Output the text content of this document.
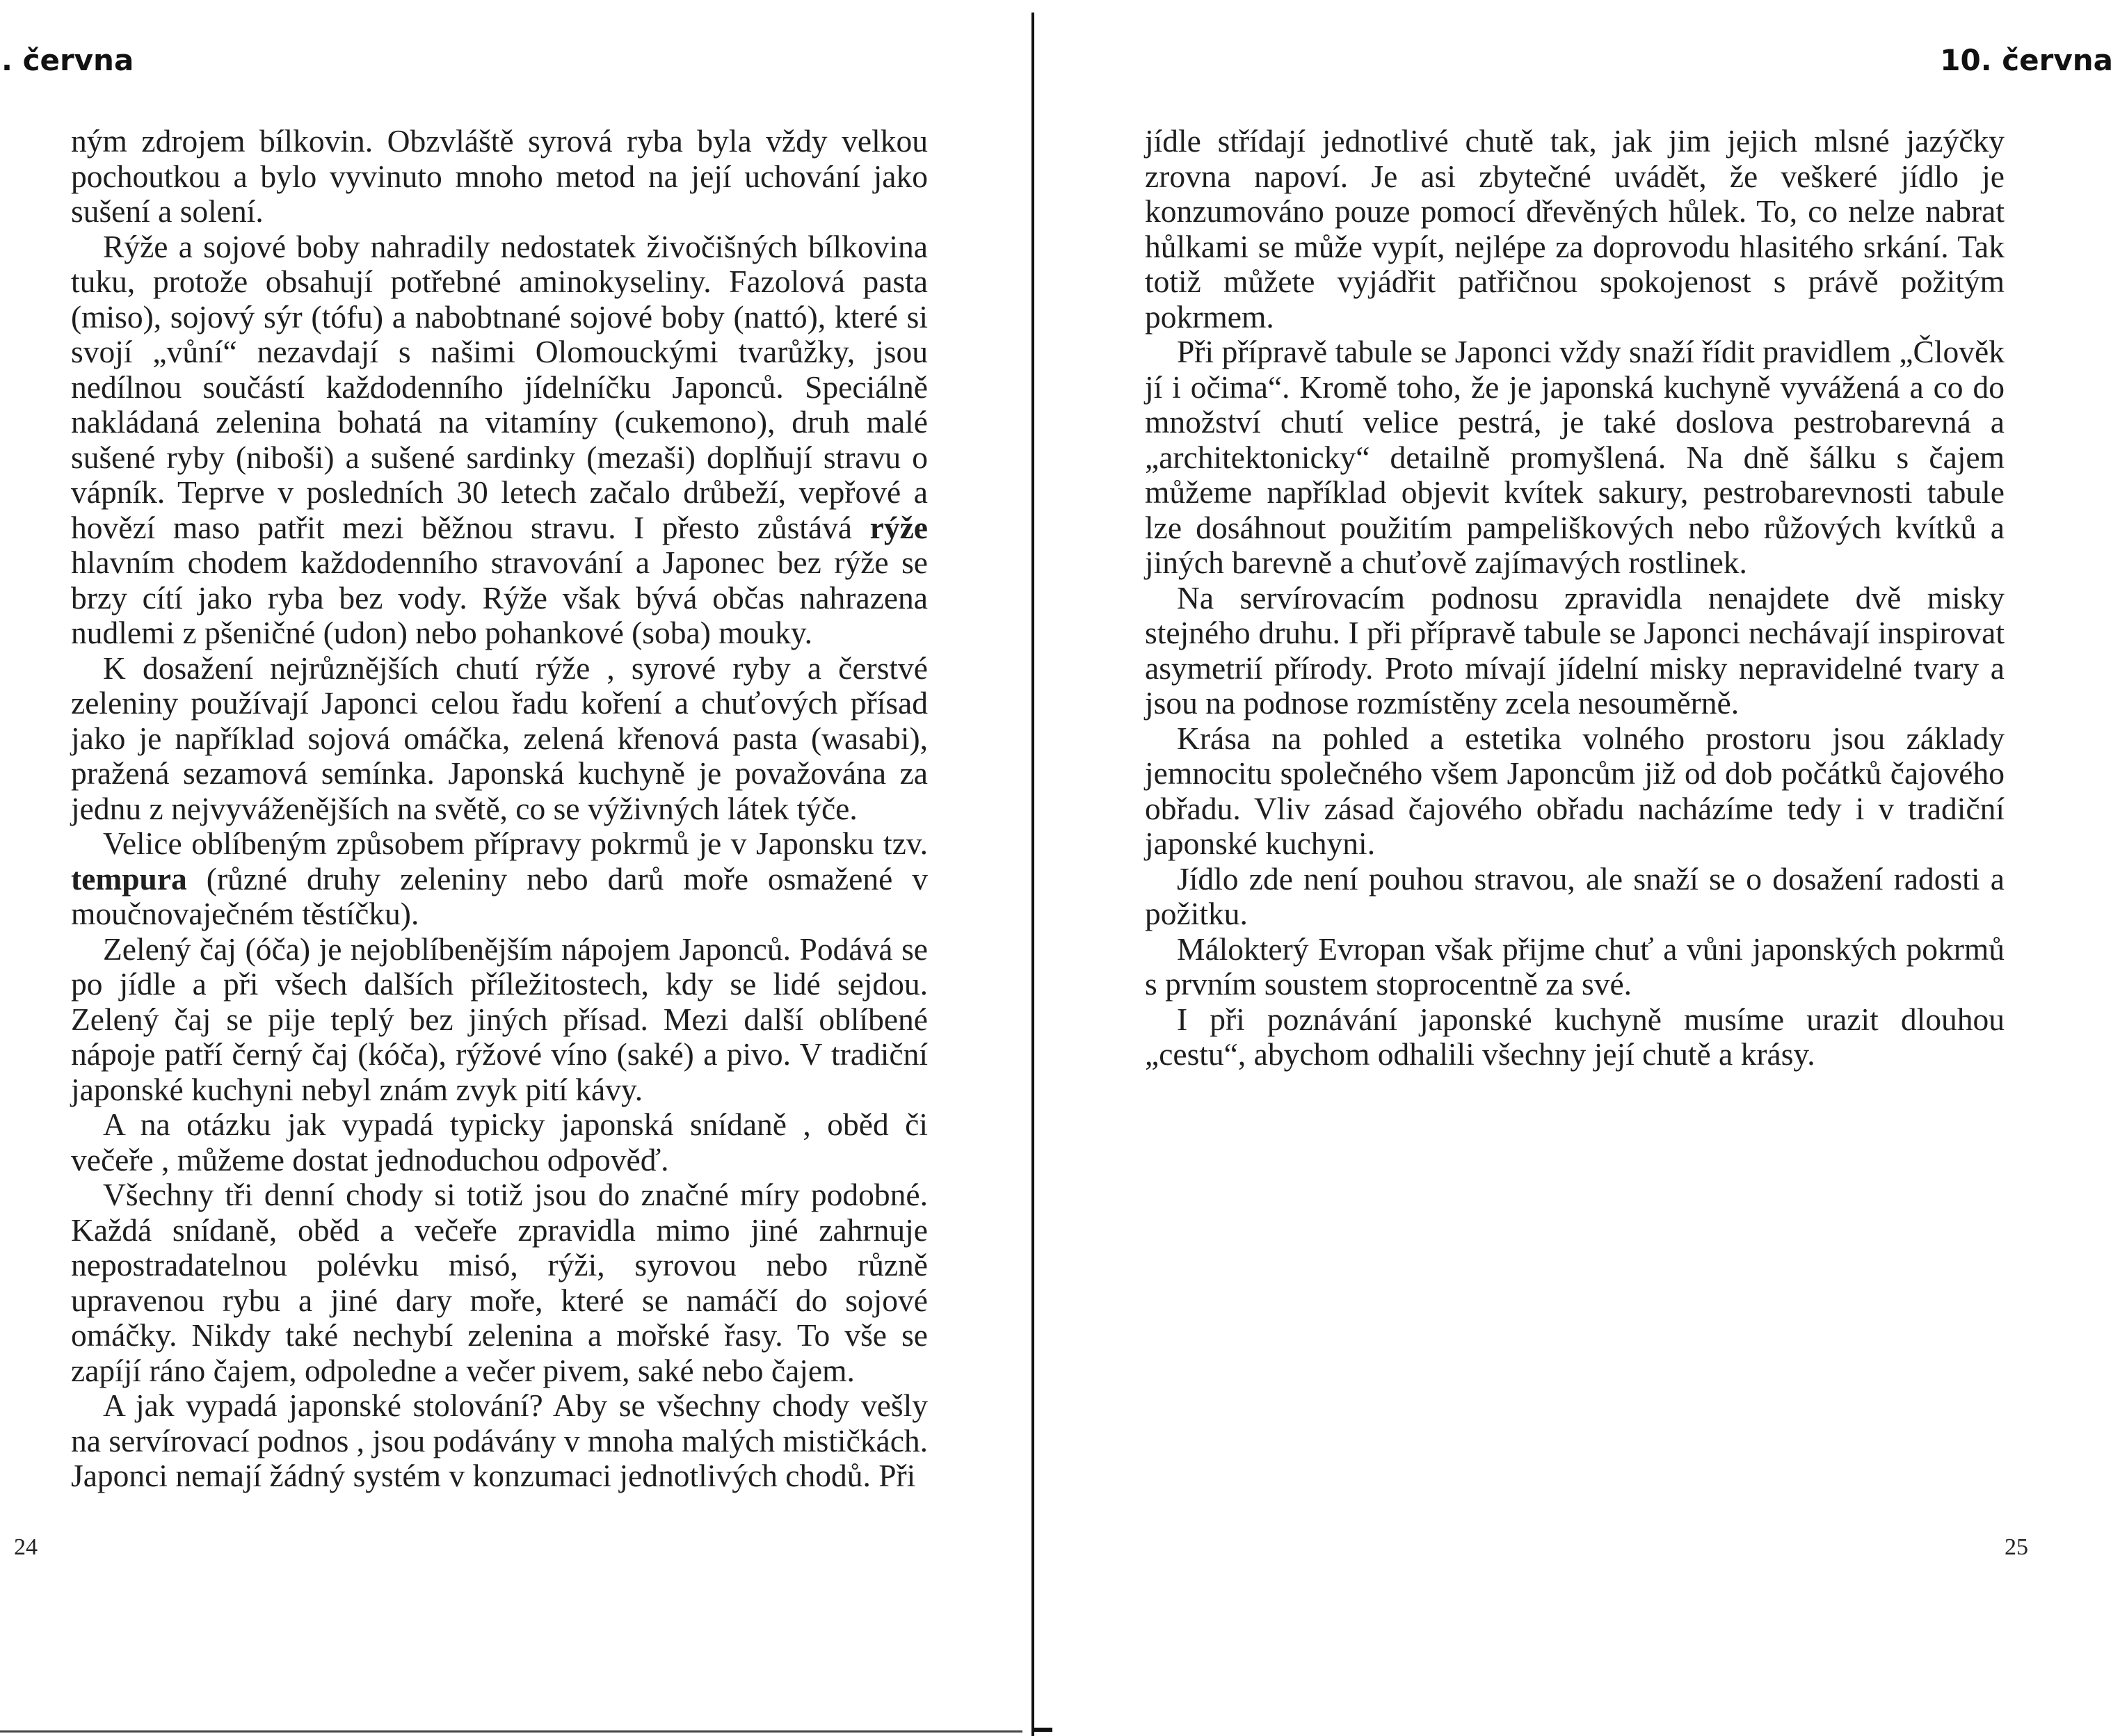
. června

ným zdrojem bílkovin. Obzvláště syrová ryba byla vždy velkou pochoutkou a bylo vyvinuto mnoho metod na její uchování jako sušení a solení.

Rýže a sojové boby nahradily nedostatek živočišných bílkovina tuku, protože obsahují potřebné aminokyseliny. Fazolová pasta (miso), sojový sýr (tófu) a nabobtnané sojové boby (nattó), které si svojí „vůní“ nezavdají s našimi Olomouckými tvarůžky, jsou nedílnou součástí každodenního jídelníčku Japonců. Speciálně nakládaná zelenina bohatá na vitamíny (cukemono), druh malé sušené ryby (niboši) a sušené sardinky (mezaši) doplňují stravu o vápník. Teprve v posledních 30 letech začalo drůbeží, vepřové a hovězí maso patřit mezi běžnou stravu. I přesto zůstává rýže hlavním chodem každodenního stravování a Japonec bez rýže se brzy cítí jako ryba bez vody. Rýže však bývá občas nahrazena nudlemi z pšeničné (udon) nebo pohankové (soba) mouky.

K dosažení nejrůznějších chutí rýže , syrové ryby a čerstvé zeleniny používají Japonci celou řadu koření a chuťových přísad jako je například sojová omáčka, zelená křenová pasta (wasabi), pražená sezamová semínka. Japonská kuchyně je považována za jednu z nejvyváženějších na světě, co se výživných látek týče.

Velice oblíbeným způsobem přípravy pokrmů je v Japonsku tzv. tempura (různé druhy zeleniny nebo darů moře osmažené v moučnovaječném těstíčku).

Zelený čaj (óča) je nejoblíbenějším nápojem Japonců. Podává se po jídle a při všech dalších příležitostech, kdy se lidé sejdou. Zelený čaj se pije teplý bez jiných přísad. Mezi další oblíbené nápoje patří černý čaj (kóča), rýžové víno (saké) a pivo. V tradiční japonské kuchyni nebyl znám zvyk pití kávy.

A na otázku jak vypadá typicky japonská snídaně , oběd či večeře , můžeme dostat jednoduchou odpověď.

Všechny tři denní chody si totiž jsou do značné míry podobné. Každá snídaně, oběd a večeře zpravidla mimo jiné zahrnuje nepostradatelnou polévku misó, rýži, syrovou nebo různě upravenou rybu a jiné dary moře, které se namáčí do sojové omáčky. Nikdy také nechybí zelenina a mořské řasy. To vše se zapíjí ráno čajem, odpoledne a večer pivem, saké nebo čajem.

A jak vypadá japonské stolování? Aby se všechny chody vešly na servírovací podnos , jsou podávány v mnoha malých mističkách. Japonci nemají žádný systém v konzumaci jednotlivých chodů. Při

24
10. června

jídle střídají jednotlivé chutě tak, jak jim jejich mlsné jazýčky zrovna napoví. Je asi zbytečné uvádět, že veškeré jídlo je konzumováno pouze pomocí dřevěných hůlek. To, co nelze nabrat hůlkami se může vypít, nejlépe za doprovodu hlasitého srkání. Tak totiž můžete vyjádřit patřičnou spokojenost s právě požitým pokrmem.

Při přípravě tabule se Japonci vždy snaží řídit pravidlem „Člověk jí i očima“. Kromě toho, že je japonská kuchyně vyvážená a co do množství chutí velice pestrá, je také doslova pestrobarevná a „architektonicky“ detailně promyšlená. Na dně šálku s čajem můžeme například objevit kvítek sakury, pestrobarevnosti tabule lze dosáhnout použitím pampeliškových nebo růžových kvítků a jiných barevně a chuťově zajímavých rostlinek.

Na servírovacím podnosu zpravidla nenajdete dvě misky stejného druhu. I při přípravě tabule se Japonci nechávají inspirovat asymetrií přírody. Proto mívají jídelní misky nepravidelné tvary a jsou na podnose rozmístěny zcela nesouměrně.

Krása na pohled a estetika volného prostoru jsou základy jemnocitu společného všem Japoncům již od dob počátků čajového obřadu. Vliv zásad čajového obřadu nacházíme tedy i v tradiční japonské kuchyni.

Jídlo zde není pouhou stravou, ale snaží se o dosažení radosti a požitku.

Málokterý Evropan však přijme chuť a vůni japonských pokrmů s prvním soustem stoprocentně za své.

I při poznávání japonské kuchyně musíme urazit dlouhou „cestu“, abychom odhalili všechny její chutě a krásy.

25
